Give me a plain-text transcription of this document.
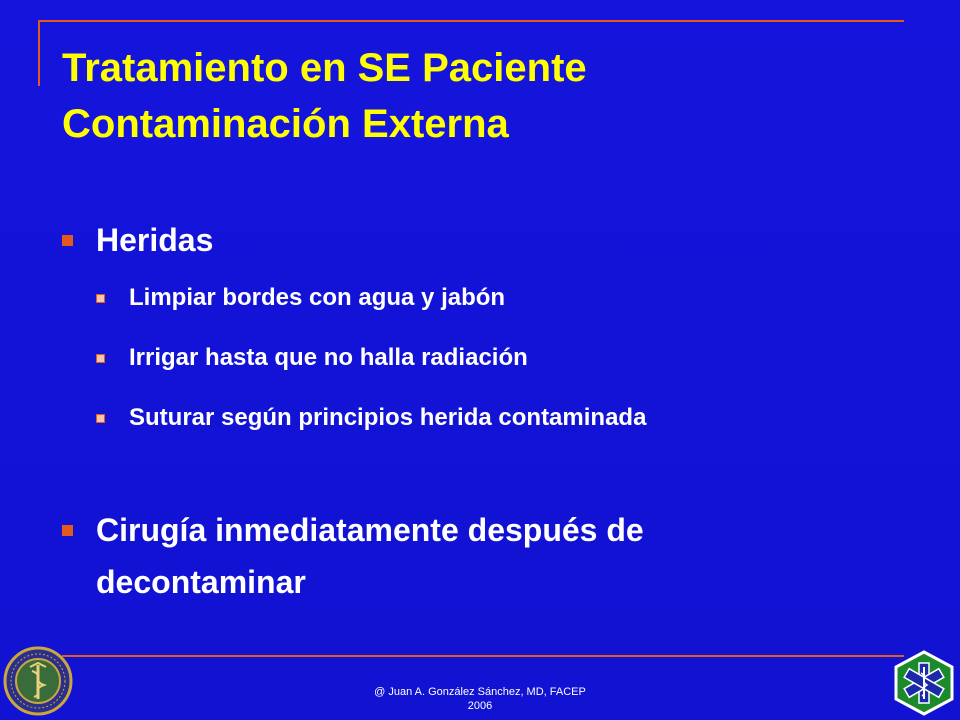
Tratamiento en SE Paciente
Contaminación Externa
Heridas
Limpiar bordes con agua y jabón
Irrigar hasta que no halla radiación
Suturar según principios herida contaminada
Cirugía inmediatamente después de decontaminar
@ Juan A. González Sánchez, MD, FACEP
2006
